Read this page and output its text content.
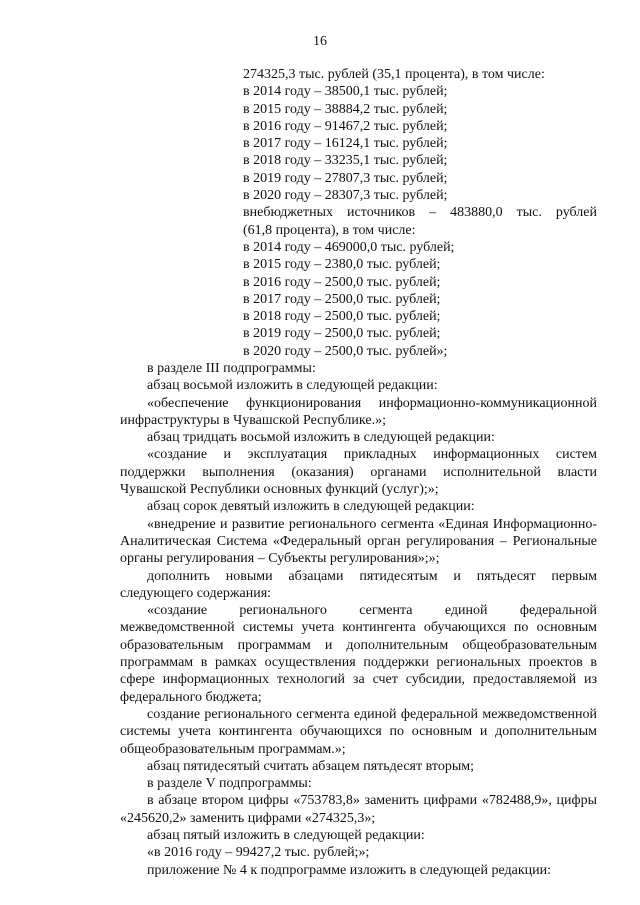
16
274325,3 тыс. рублей (35,1 процента), в том числе:
в 2014 году – 38500,1 тыс. рублей;
в 2015 году – 38884,2 тыс. рублей;
в 2016 году – 91467,2 тыс. рублей;
в 2017 году – 16124,1 тыс. рублей;
в 2018 году – 33235,1 тыс. рублей;
в 2019 году – 27807,3 тыс. рублей;
в 2020 году – 28307,3 тыс. рублей;
внебюджетных источников – 483880,0 тыс. рублей
(61,8 процента), в том числе:
в 2014 году – 469000,0 тыс. рублей;
в 2015 году – 2380,0 тыс. рублей;
в 2016 году – 2500,0 тыс. рублей;
в 2017 году – 2500,0 тыс. рублей;
в 2018 году – 2500,0 тыс. рублей;
в 2019 году – 2500,0 тыс. рублей;
в 2020 году – 2500,0 тыс. рублей»;

в разделе III подпрограммы:

абзац восьмой изложить в следующей редакции:

«обеспечение функционирования информационно-коммуникационной инфраструктуры в Чувашской Республике.»;

абзац тридцать восьмой изложить в следующей редакции:

«создание и эксплуатация прикладных информационных систем поддержки выполнения (оказания) органами исполнительной власти Чувашской Республики основных функций (услуг);»;

абзац сорок девятый изложить в следующей редакции:

«внедрение и развитие регионального сегмента «Единая Информационно-Аналитическая Система «Федеральный орган регулирования – Региональные органы регулирования – Субъекты регулирования»;»;

дополнить новыми абзацами пятидесятым и пятьдесят первым следующего содержания:

«создание регионального сегмента единой федеральной межведомственной системы учета контингента обучающихся по основным образовательным программам и дополнительным общеобразовательным программам в рамках осуществления поддержки региональных проектов в сфере информационных технологий за счет субсидии, предоставляемой из федерального бюджета;

создание регионального сегмента единой федеральной межведомственной системы учета контингента обучающихся по основным и дополнительным общеобразовательным программам.»;

абзац пятидесятый считать абзацем пятьдесят вторым;

в разделе V подпрограммы:

в абзаце втором цифры «753783,8» заменить цифрами «782488,9», цифры «245620,2» заменить цифрами «274325,3»;

абзац пятый изложить в следующей редакции:

«в 2016 году – 99427,2 тыс. рублей;»;

приложение № 4 к подпрограмме изложить в следующей редакции:
